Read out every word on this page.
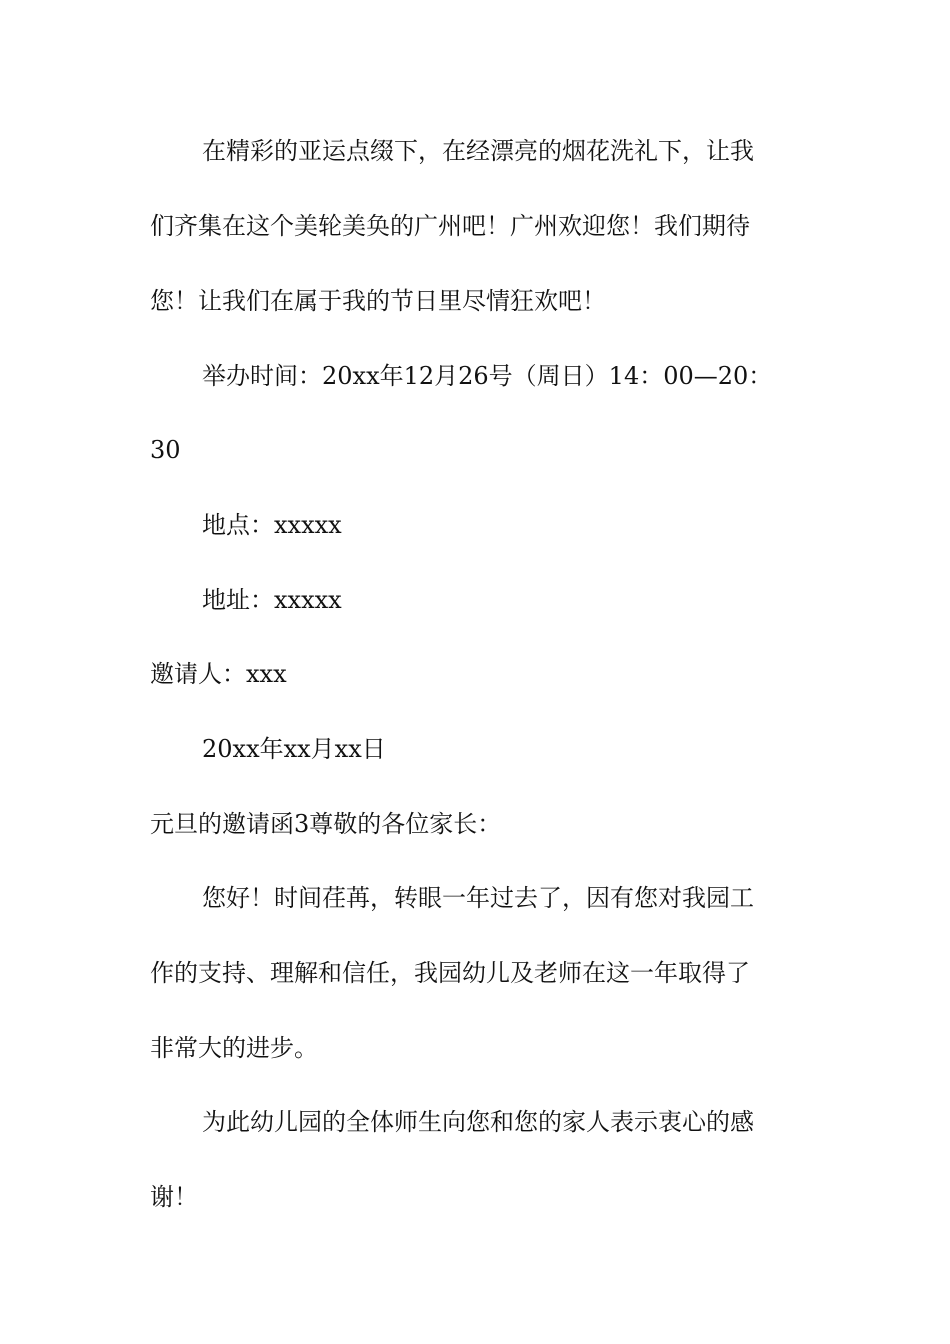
在精彩的亚运点缀下，在经漂亮的烟花洗礼下，让我
们齐集在这个美轮美奂的广州吧！广州欢迎您！我们期待
您！让我们在属于我的节日里尽情狂欢吧！
举办时间：20xx年12月26号（周日）14：00—20：
30
地点：xxxxx
地址：xxxxx
邀请人：xxx
20xx年xx月xx日
元旦的邀请函3尊敬的各位家长：
您好！时间荏苒，转眼一年过去了，因有您对我园工
作的支持、理解和信任，我园幼儿及老师在这一年取得了
非常大的进步。
为此幼儿园的全体师生向您和您的家人表示衷心的感
谢！
